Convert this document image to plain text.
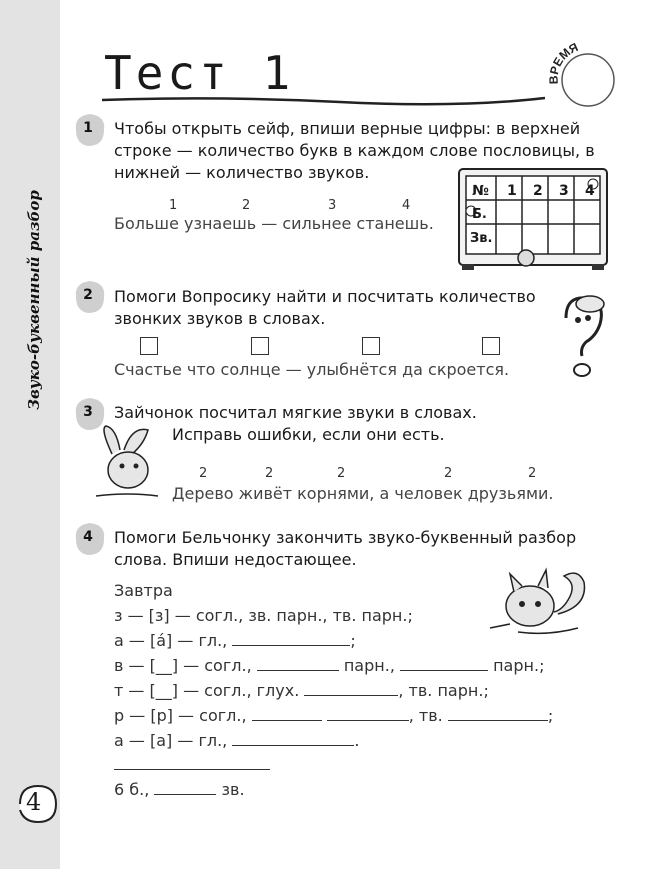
Звуко-буквенный разбор
Тест 1	ВРЕМЯ
1 Чтобы открыть сейф, впиши верные цифры: в верхней строке — количество букв в каждом слове пословицы, в нижней — количество звуков.
1	2	3	4
Больше узнаешь — сильнее станешь.
№ 1 2 3 4
Б.
Зв.
2 Помоги Вопросику найти и посчитать количество звонких звуков в словах.
Счастье что солнце — улыбнётся да скроется.
3 Зайчонок посчитал мягкие звуки в словах.
Исправь ошибки, если они есть.
2	2	2	2	2
Дерево живёт корнями, а человек друзьями.
4 Помоги Бельчонку закончить звуко-буквенный разбор слова. Впиши недостающее.
Завтра
з — [з] — согл., зв. парн., тв. парн.;
а — [á] — гл.,	;
в — [__] — согл.,	парн.,	парн.;
т — [__] — согл., глух.	, тв. парн.;
р — [р] — согл.,	, тв.	;
а — [а] — гл.,	.
6 б.,	зв.
4
